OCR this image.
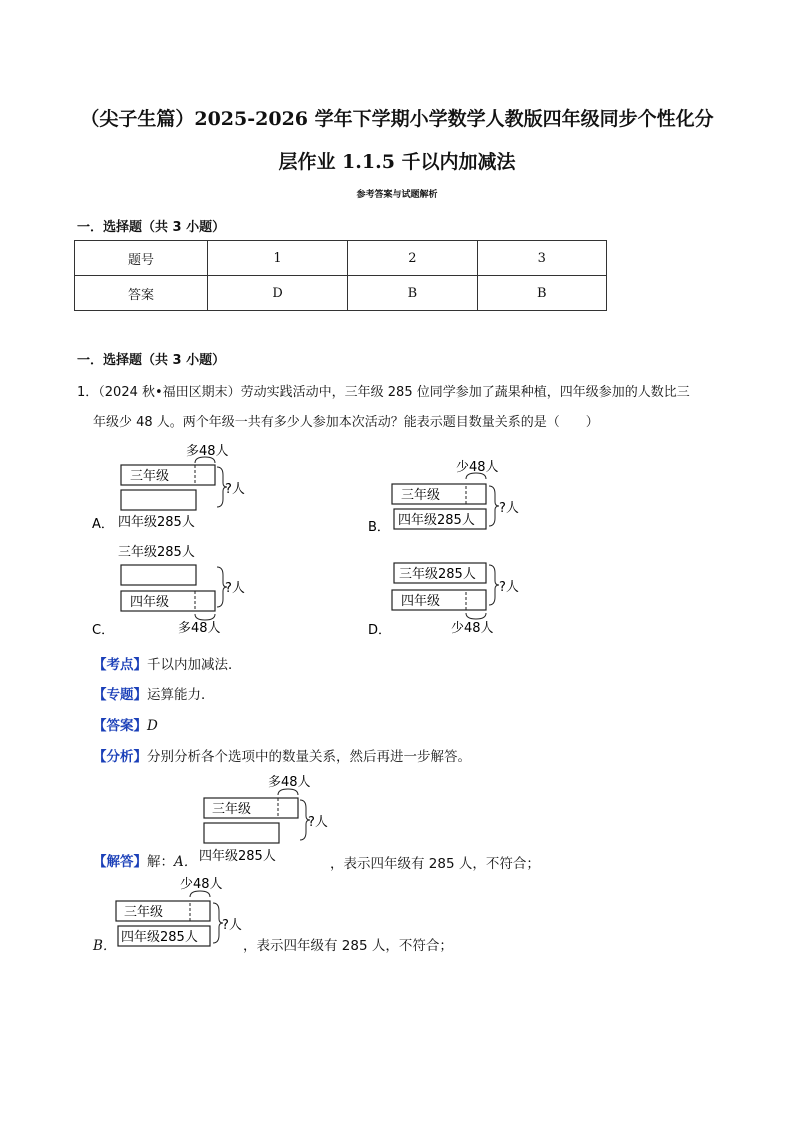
（尖子生篇）2025-2026 学年下学期小学数学人教版四年级同步个性化分
层作业 1.1.5 千以内加减法
参考答案与试题解析
一．选择题（共 3 小题）
题号	1	2	3
答案	D	B	B
一．选择题（共 3 小题）
1．（2024 秋•福田区期末）劳动实践活动中，三年级 285 位同学参加了蔬果种植，四年级参加的人数比三
年级少 48 人。两个年级一共有多少人参加本次活动？能表示题目数量关系的是（　　）
多48人
三年级
?人
A． 四年级285人
少48人
三年级
四年级285人
?人
B．
三年级285人
四年级
?人
C．	多48人
三年级285人
四年级
?人
D．	少48人
【考点】千以内加减法．
【专题】运算能力．
【答案】D
【分析】分别分析各个选项中的数量关系，然后再进一步解答。
多48人
三年级
?人
四年级285人
【解答】解：A．	，表示四年级有 285 人，不符合；
少48人
三年级
四年级285人
?人
B．	，表示四年级有 285 人，不符合；
